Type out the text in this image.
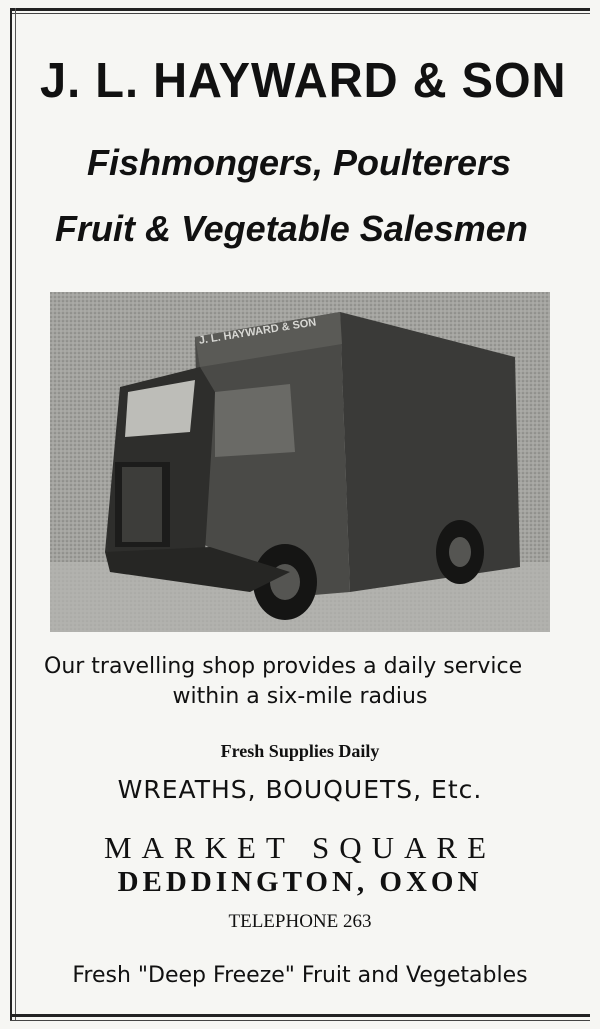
J. L. HAYWARD & SON
Fishmongers, Poulterers
Fruit & Vegetable Salesmen
J. L. HAYWARD & SON
Our travelling shop provides a daily service
within a six-mile radius
Fresh Supplies Daily
WREATHS, BOUQUETS, Etc.
MARKET SQUARE
DEDDINGTON, OXON
TELEPHONE 263
Fresh "Deep Freeze" Fruit and Vegetables
